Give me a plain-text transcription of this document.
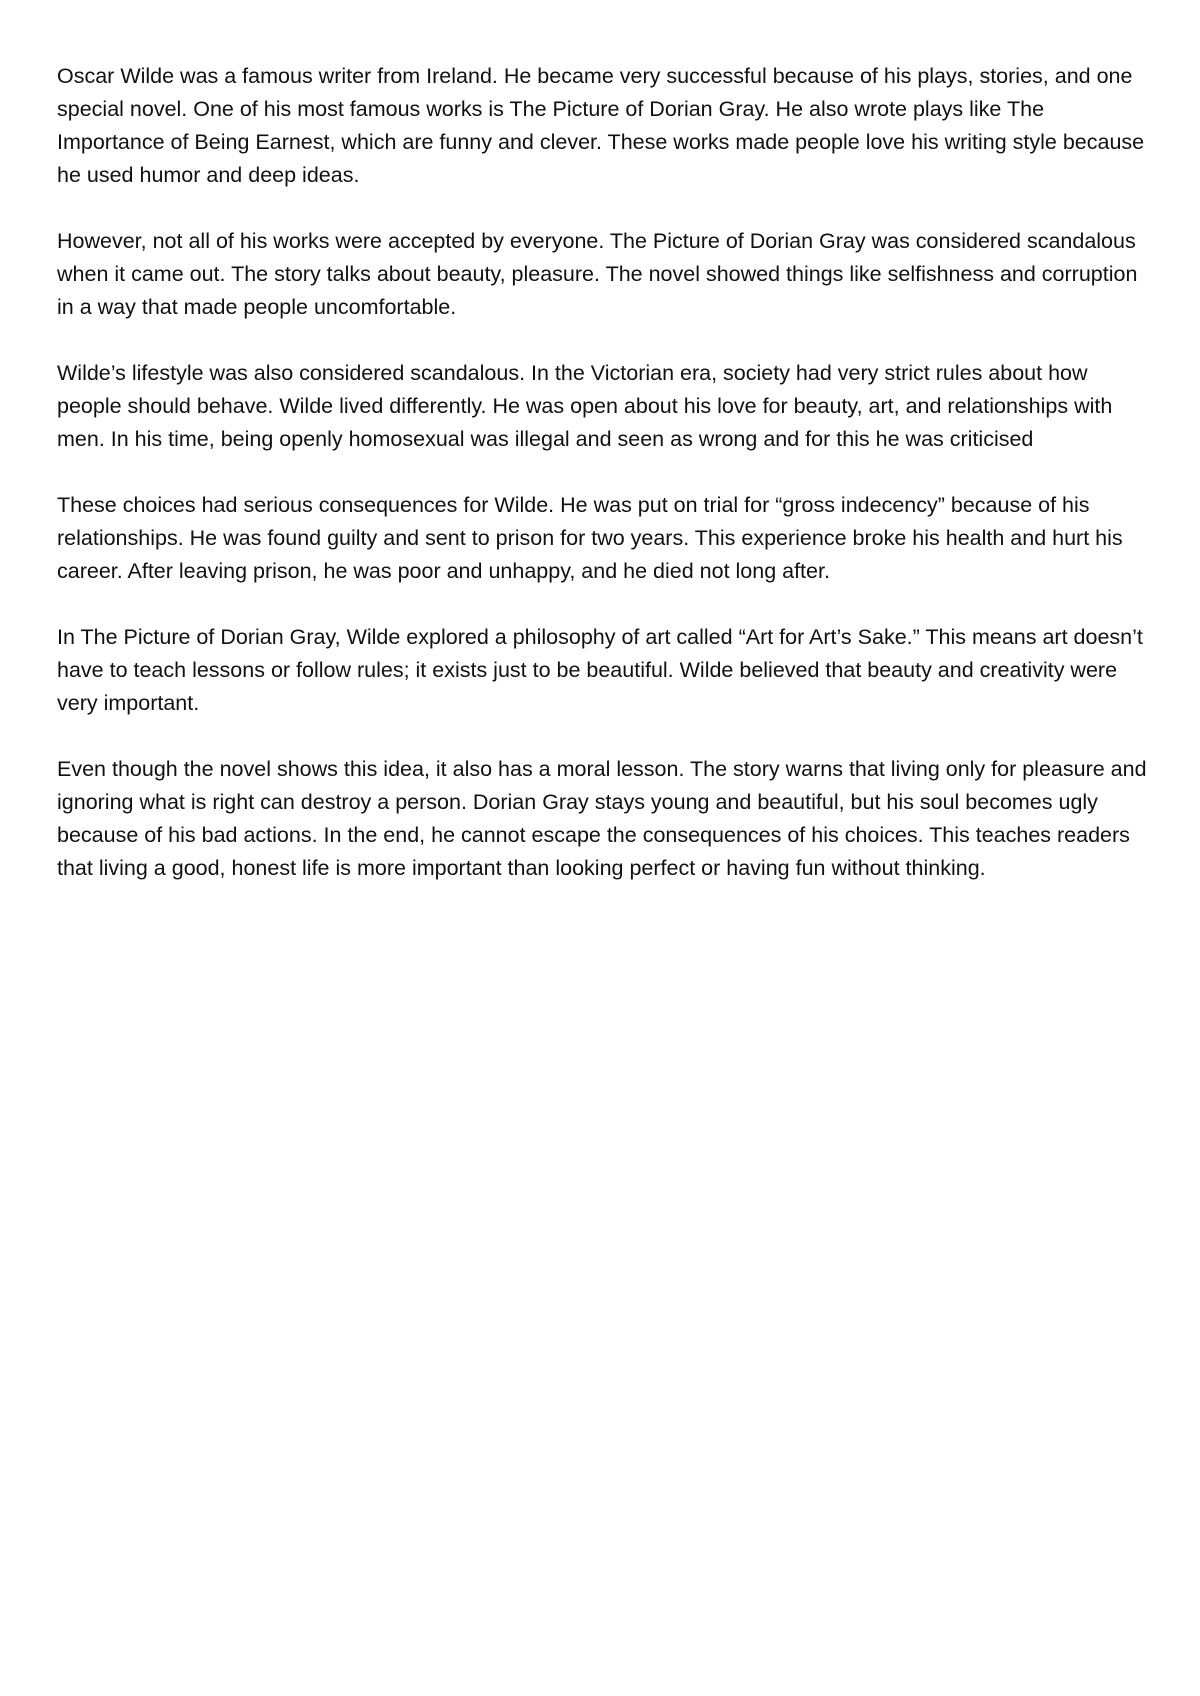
Oscar Wilde was a famous writer from Ireland. He became very successful because of his plays, stories, and one special novel. One of his most famous works is The Picture of Dorian Gray. He also wrote plays like The Importance of Being Earnest, which are funny and clever. These works made people love his writing style because he used humor and deep ideas.

However, not all of his works were accepted by everyone. The Picture of Dorian Gray was considered scandalous when it came out. The story talks about beauty, pleasure. The novel showed things like selfishness and corruption in a way that made people uncomfortable.

Wilde’s lifestyle was also considered scandalous. In the Victorian era, society had very strict rules about how people should behave. Wilde lived differently. He was open about his love for beauty, art, and relationships with men. In his time, being openly homosexual was illegal and seen as wrong and for this he was criticised

These choices had serious consequences for Wilde. He was put on trial for “gross indecency” because of his relationships. He was found guilty and sent to prison for two years. This experience broke his health and hurt his career. After leaving prison, he was poor and unhappy, and he died not long after.

In The Picture of Dorian Gray, Wilde explored a philosophy of art called “Art for Art’s Sake.” This means art doesn’t have to teach lessons or follow rules; it exists just to be beautiful. Wilde believed that beauty and creativity were very important.

Even though the novel shows this idea, it also has a moral lesson. The story warns that living only for pleasure and ignoring what is right can destroy a person. Dorian Gray stays young and beautiful, but his soul becomes ugly because of his bad actions. In the end, he cannot escape the consequences of his choices. This teaches readers that living a good, honest life is more important than looking perfect or having fun without thinking.
